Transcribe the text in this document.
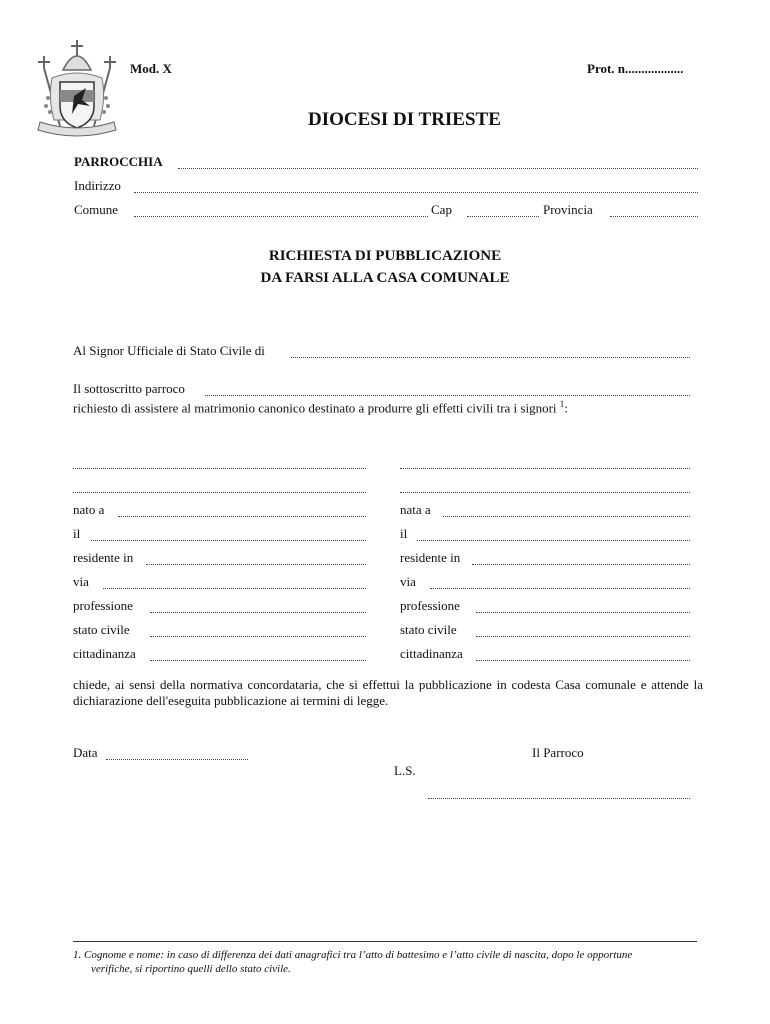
Mod. X	Prot. n..................
DIOCESI DI TRIESTE
PARROCCHIA
Indirizzo
Comune	Cap	Provincia
RICHIESTA DI PUBBLICAZIONE
DA FARSI ALLA CASA COMUNALE
Al Signor Ufficiale di Stato Civile di
Il sottoscritto parroco
richiesto di assistere al matrimonio canonico destinato a produrre gli effetti civili tra i signori $^1$:
nato a
il
residente in
via
professione
stato civile
cittadinanza
nata a
il
residente in
via
professione
stato civile
cittadinanza
chiede, ai sensi della normativa concordataria, che si effettui la pubblicazione in codesta Casa comunale e attende la dichiarazione dell'eseguita pubblicazione ai termini di legge.
Data	Il Parroco
L.S.
1. Cognome e nome: in caso di differenza dei dati anagrafici tra l’atto di battesimo e l’atto civile di nascita, dopo le opportune
verifiche, si riportino quelli dello stato civile.
